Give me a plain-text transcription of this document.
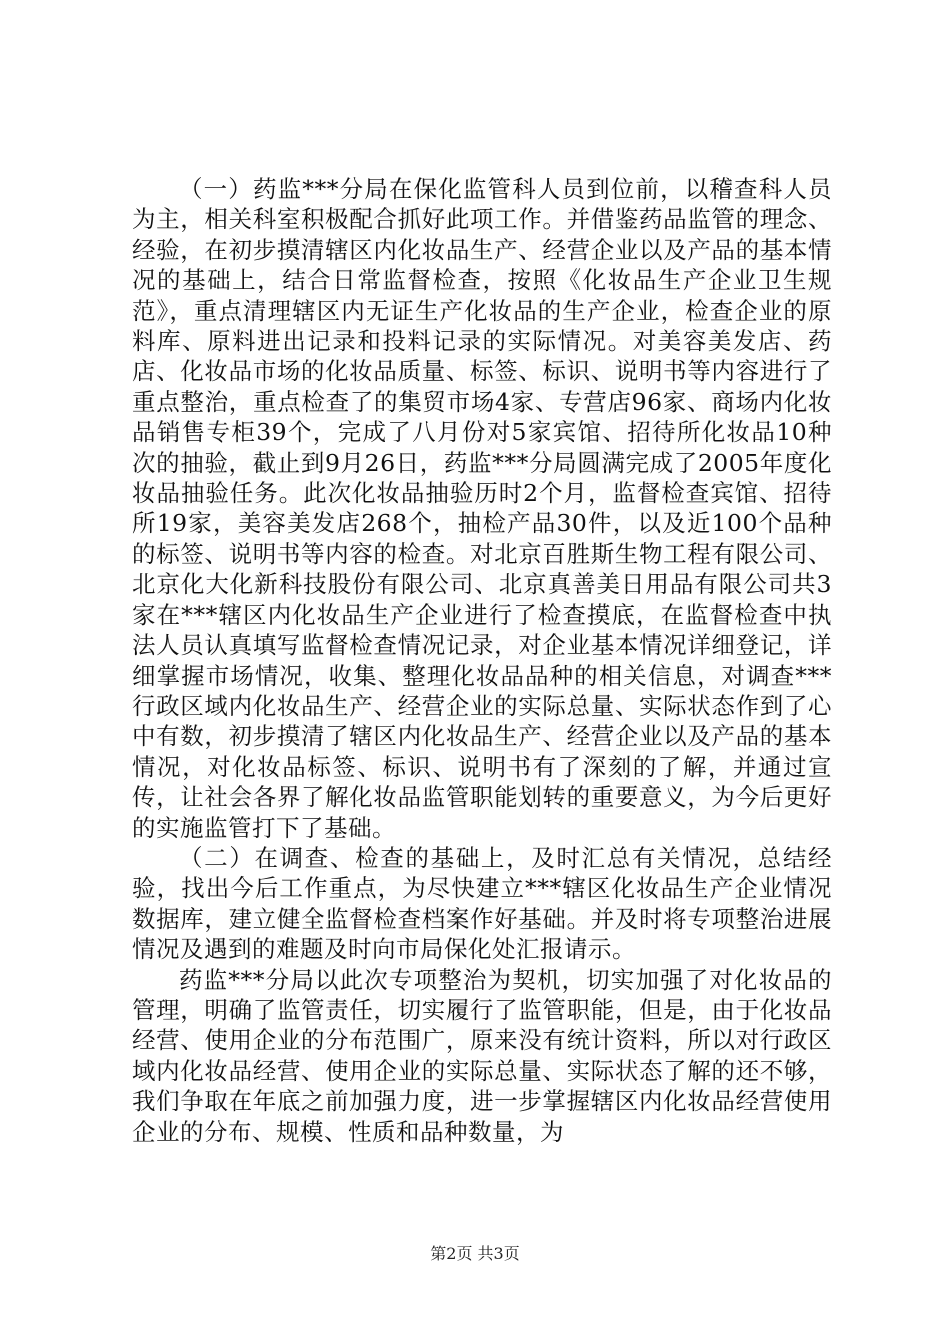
（一）药监***分局在保化监管科人员到位前，以稽查科人员为主，相关科室积极配合抓好此项工作。并借鉴药品监管的理念、经验，在初步摸清辖区内化妆品生产、经营企业以及产品的基本情况的基础上，结合日常监督检查，按照《化妆品生产企业卫生规范》，重点清理辖区内无证生产化妆品的生产企业，检查企业的原料库、原料进出记录和投料记录的实际情况。对美容美发店、药店、化妆品市场的化妆品质量、标签、标识、说明书等内容进行了重点整治，重点检查了的集贸市场4家、专营店96家、商场内化妆品销售专柜39个，完成了八月份对5家宾馆、招待所化妆品10种次的抽验，截止到9月26日，药监***分局圆满完成了2005年度化妆品抽验任务。此次化妆品抽验历时2个月，监督检查宾馆、招待所19家，美容美发店268个，抽检产品30件，以及近100个品种的标签、说明书等内容的检查。对北京百胜斯生物工程有限公司、北京化大化新科技股份有限公司、北京真善美日用品有限公司共3家在***辖区内化妆品生产企业进行了检查摸底，在监督检查中执法人员认真填写监督检查情况记录，对企业基本情况详细登记，详细掌握市场情况，收集、整理化妆品品种的相关信息，对调查***行政区域内化妆品生产、经营企业的实际总量、实际状态作到了心中有数，初步摸清了辖区内化妆品生产、经营企业以及产品的基本情况，对化妆品标签、标识、说明书有了深刻的了解，并通过宣传，让社会各界了解化妆品监管职能划转的重要意义，为今后更好的实施监管打下了基础。

（二）在调查、检查的基础上，及时汇总有关情况，总结经验，找出今后工作重点，为尽快建立***辖区化妆品生产企业情况数据库，建立健全监督检查档案作好基础。并及时将专项整治进展情况及遇到的难题及时向市局保化处汇报请示。

药监***分局以此次专项整治为契机，切实加强了对化妆品的管理，明确了监管责任，切实履行了监管职能，但是，由于化妆品经营、使用企业的分布范围广，原来没有统计资料，所以对行政区域内化妆品经营、使用企业的实际总量、实际状态了解的还不够，我们争取在年底之前加强力度，进一步掌握辖区内化妆品经营使用企业的分布、规模、性质和品种数量，为

第2页 共3页
